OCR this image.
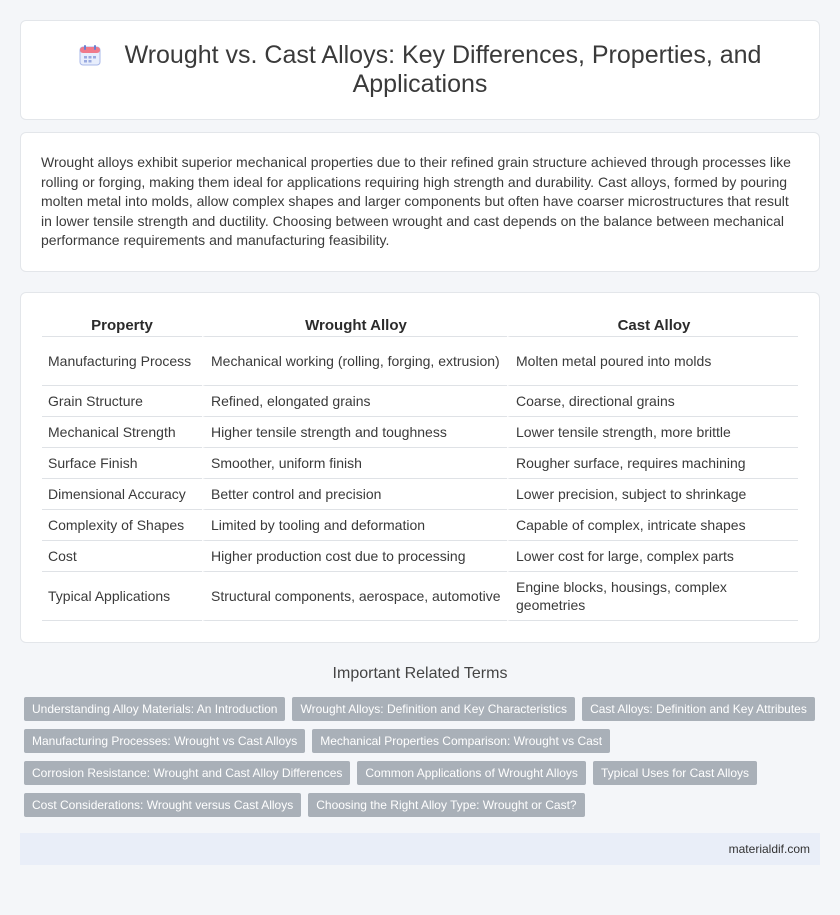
Wrought vs. Cast Alloys: Key Differences, Properties, and Applications
Wrought alloys exhibit superior mechanical properties due to their refined grain structure achieved through processes like rolling or forging, making them ideal for applications requiring high strength and durability. Cast alloys, formed by pouring molten metal into molds, allow complex shapes and larger components but often have coarser microstructures that result in lower tensile strength and ductility. Choosing between wrought and cast depends on the balance between mechanical performance requirements and manufacturing feasibility.
Property	Wrought Alloy	Cast Alloy
Manufacturing Process	Mechanical working (rolling, forging, extrusion)	Molten metal poured into molds
Grain Structure	Refined, elongated grains	Coarse, directional grains
Mechanical Strength	Higher tensile strength and toughness	Lower tensile strength, more brittle
Surface Finish	Smoother, uniform finish	Rougher surface, requires machining
Dimensional Accuracy	Better control and precision	Lower precision, subject to shrinkage
Complexity of Shapes	Limited by tooling and deformation	Capable of complex, intricate shapes
Cost	Higher production cost due to processing	Lower cost for large, complex parts
Typical Applications	Structural components, aerospace, automotive	Engine blocks, housings, complex geometries
Important Related Terms
Understanding Alloy Materials: An Introduction	Wrought Alloys: Definition and Key Characteristics	Cast Alloys: Definition and Key Attributes
Manufacturing Processes: Wrought vs Cast Alloys	Mechanical Properties Comparison: Wrought vs Cast
Corrosion Resistance: Wrought and Cast Alloy Differences	Common Applications of Wrought Alloys	Typical Uses for Cast Alloys
Cost Considerations: Wrought versus Cast Alloys	Choosing the Right Alloy Type: Wrought or Cast?
materialdif.com
